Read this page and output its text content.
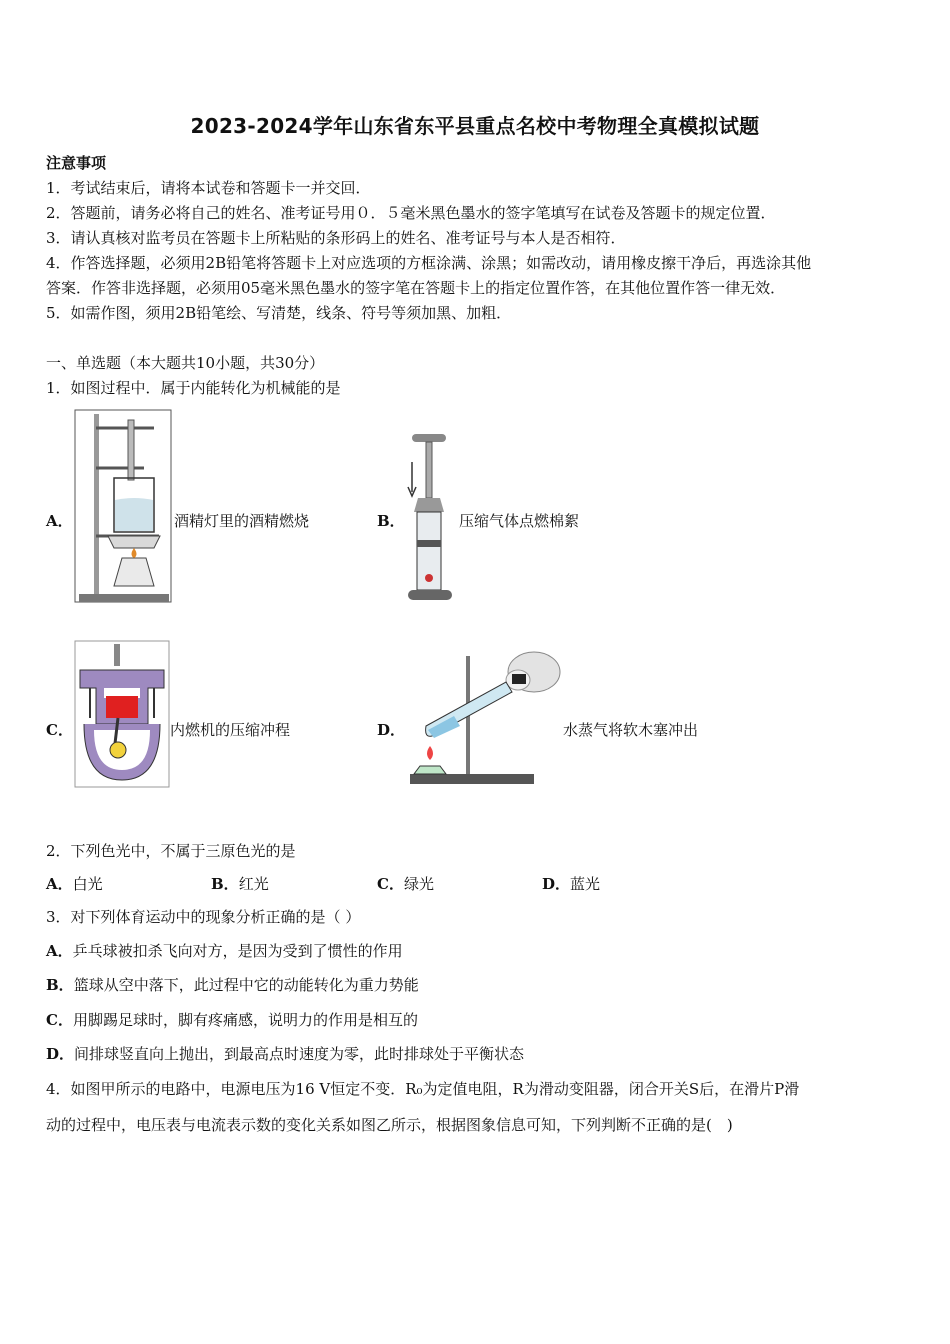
2023-2024学年山东省东平县重点名校中考物理全真模拟试题
注意事项
1．考试结束后，请将本试卷和答题卡一并交回．
2．答题前，请务必将自己的姓名、准考证号用０．５毫米黑色墨水的签字笔填写在试卷及答题卡的规定位置．
3．请认真核对监考员在答题卡上所粘贴的条形码上的姓名、准考证号与本人是否相符．
4．作答选择题，必须用2B铅笔将答题卡上对应选项的方框涂满、涂黑；如需改动，请用橡皮擦干净后，再选涂其他
答案．作答非选择题，必须用05毫米黑色墨水的签字笔在答题卡上的指定位置作答，在其他位置作答一律无效．
5．如需作图，须用2B铅笔绘、写清楚，线条、符号等须加黑、加粗．
一、单选题（本大题共10小题，共30分）
1．如图过程中．属于内能转化为机械能的是
A．	酒精灯里的酒精燃烧	B．	压缩气体点燃棉絮
C．	内燃机的压缩冲程	D．	水蒸气将软木塞冲出
2．下列色光中，不属于三原色光的是
A．白光	B．红光	C．绿光	D．蓝光
3．对下列体育运动中的现象分析正确的是（ ）
A．乒乓球被扣杀飞向对方，是因为受到了惯性的作用
B．篮球从空中落下，此过程中它的动能转化为重力势能
C．用脚踢足球时，脚有疼痛感，说明力的作用是相互的
D．间排球竖直向上抛出，到最高点时速度为零，此时排球处于平衡状态
4．如图甲所示的电路中，电源电压为16 V恒定不变．R₀为定值电阻，R为滑动变阻器，闭合开关S后，在滑片P滑
动的过程中，电压表与电流表示数的变化关系如图乙所示，根据图象信息可知，下列判断不正确的是(　)
